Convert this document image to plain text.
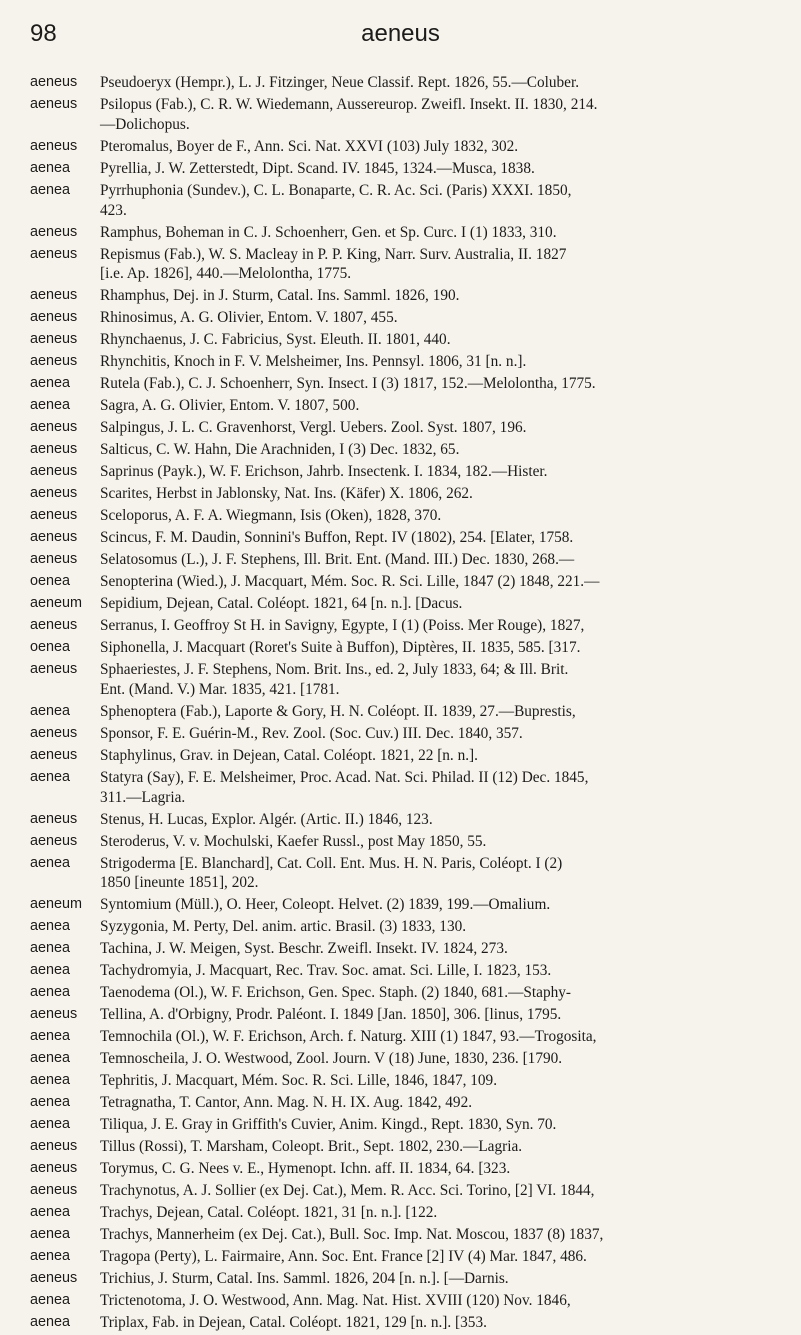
98	aeneus
aeneus	Pseudoeryx (Hempr.), L. J. Fitzinger, Neue Classif. Rept. 1826, 55.—Coluber.
aeneus	Psilopus (Fab.), C. R. W. Wiedemann, Aussereurop. Zweifl. Insekt. II. 1830, 214.
—Dolichopus.
aeneus	Pteromalus, Boyer de F., Ann. Sci. Nat. XXVI (103) July 1832, 302.
aenea	Pyrellia, J. W. Zetterstedt, Dipt. Scand. IV. 1845, 1324.—Musca, 1838.
aenea	Pyrrhuphonia (Sundev.), C. L. Bonaparte, C. R. Ac. Sci. (Paris) XXXI. 1850,
423.
aeneus	Ramphus, Boheman in C. J. Schoenherr, Gen. et Sp. Curc. I (1) 1833, 310.
aeneus	Repismus (Fab.), W. S. Macleay in P. P. King, Narr. Surv. Australia, II. 1827
[i.e. Ap. 1826], 440.—Melolontha, 1775.
aeneus	Rhamphus, Dej. in J. Sturm, Catal. Ins. Samml. 1826, 190.
aeneus	Rhinosimus, A. G. Olivier, Entom. V. 1807, 455.
aeneus	Rhynchaenus, J. C. Fabricius, Syst. Eleuth. II. 1801, 440.
aeneus	Rhynchitis, Knoch in F. V. Melsheimer, Ins. Pennsyl. 1806, 31 [n. n.].
aenea	Rutela (Fab.), C. J. Schoenherr, Syn. Insect. I (3) 1817, 152.—Melolontha, 1775.
aenea	Sagra, A. G. Olivier, Entom. V. 1807, 500.
aeneus	Salpingus, J. L. C. Gravenhorst, Vergl. Uebers. Zool. Syst. 1807, 196.
aeneus	Salticus, C. W. Hahn, Die Arachniden, I (3) Dec. 1832, 65.
aeneus	Saprinus (Payk.), W. F. Erichson, Jahrb. Insectenk. I. 1834, 182.—Hister.
aeneus	Scarites, Herbst in Jablonsky, Nat. Ins. (Käfer) X. 1806, 262.
aeneus	Sceloporus, A. F. A. Wiegmann, Isis (Oken), 1828, 370.
aeneus	Scincus, F. M. Daudin, Sonnini's Buffon, Rept. IV (1802), 254. [Elater, 1758.
aeneus	Selatosomus (L.), J. F. Stephens, Ill. Brit. Ent. (Mand. III.) Dec. 1830, 268.—
oenea	Senopterina (Wied.), J. Macquart, Mém. Soc. R. Sci. Lille, 1847 (2) 1848, 221.—
aeneum	Sepidium, Dejean, Catal. Coléopt. 1821, 64 [n. n.]. [Dacus.
aeneus	Serranus, I. Geoffroy St H. in Savigny, Egypte, I (1) (Poiss. Mer Rouge), 1827,
oenea	Siphonella, J. Macquart (Roret's Suite à Buffon), Diptères, II. 1835, 585. [317.
aeneus	Sphaeriestes, J. F. Stephens, Nom. Brit. Ins., ed. 2, July 1833, 64; & Ill. Brit.
Ent. (Mand. V.) Mar. 1835, 421. [1781.
aenea	Sphenoptera (Fab.), Laporte & Gory, H. N. Coléopt. II. 1839, 27.—Buprestis,
aeneus	Sponsor, F. E. Guérin-M., Rev. Zool. (Soc. Cuv.) III. Dec. 1840, 357.
aeneus	Staphylinus, Grav. in Dejean, Catal. Coléopt. 1821, 22 [n. n.].
aenea	Statyra (Say), F. E. Melsheimer, Proc. Acad. Nat. Sci. Philad. II (12) Dec. 1845,
311.—Lagria.
aeneus	Stenus, H. Lucas, Explor. Algér. (Artic. II.) 1846, 123.
aeneus	Steroderus, V. v. Mochulski, Kaefer Russl., post May 1850, 55.
aenea	Strigoderma [E. Blanchard], Cat. Coll. Ent. Mus. H. N. Paris, Coléopt. I (2)
1850 [ineunte 1851], 202.
aeneum	Syntomium (Müll.), O. Heer, Coleopt. Helvet. (2) 1839, 199.—Omalium.
aenea	Syzygonia, M. Perty, Del. anim. artic. Brasil. (3) 1833, 130.
aenea	Tachina, J. W. Meigen, Syst. Beschr. Zweifl. Insekt. IV. 1824, 273.
aenea	Tachydromyia, J. Macquart, Rec. Trav. Soc. amat. Sci. Lille, I. 1823, 153.
aenea	Taenodema (Ol.), W. F. Erichson, Gen. Spec. Staph. (2) 1840, 681.—Staphy-
aeneus	Tellina, A. d'Orbigny, Prodr. Paléont. I. 1849 [Jan. 1850], 306. [linus, 1795.
aenea	Temnochila (Ol.), W. F. Erichson, Arch. f. Naturg. XIII (1) 1847, 93.—Trogosita,
aenea	Temnoscheila, J. O. Westwood, Zool. Journ. V (18) June, 1830, 236. [1790.
aenea	Tephritis, J. Macquart, Mém. Soc. R. Sci. Lille, 1846, 1847, 109.
aenea	Tetragnatha, T. Cantor, Ann. Mag. N. H. IX. Aug. 1842, 492.
aenea	Tiliqua, J. E. Gray in Griffith's Cuvier, Anim. Kingd., Rept. 1830, Syn. 70.
aeneus	Tillus (Rossi), T. Marsham, Coleopt. Brit., Sept. 1802, 230.—Lagria.
aeneus	Torymus, C. G. Nees v. E., Hymenopt. Ichn. aff. II. 1834, 64. [323.
aeneus	Trachynotus, A. J. Sollier (ex Dej. Cat.), Mem. R. Acc. Sci. Torino, [2] VI. 1844,
aenea	Trachys, Dejean, Catal. Coléopt. 1821, 31 [n. n.]. [122.
aenea	Trachys, Mannerheim (ex Dej. Cat.), Bull. Soc. Imp. Nat. Moscou, 1837 (8) 1837,
aenea	Tragopa (Perty), L. Fairmaire, Ann. Soc. Ent. France [2] IV (4) Mar. 1847, 486.
aeneus	Trichius, J. Sturm, Catal. Ins. Samml. 1826, 204 [n. n.]. [—Darnis.
aenea	Trictenotoma, J. O. Westwood, Ann. Mag. Nat. Hist. XVIII (120) Nov. 1846,
aenea	Triplax, Fab. in Dejean, Catal. Coléopt. 1821, 129 [n. n.]. [353.
